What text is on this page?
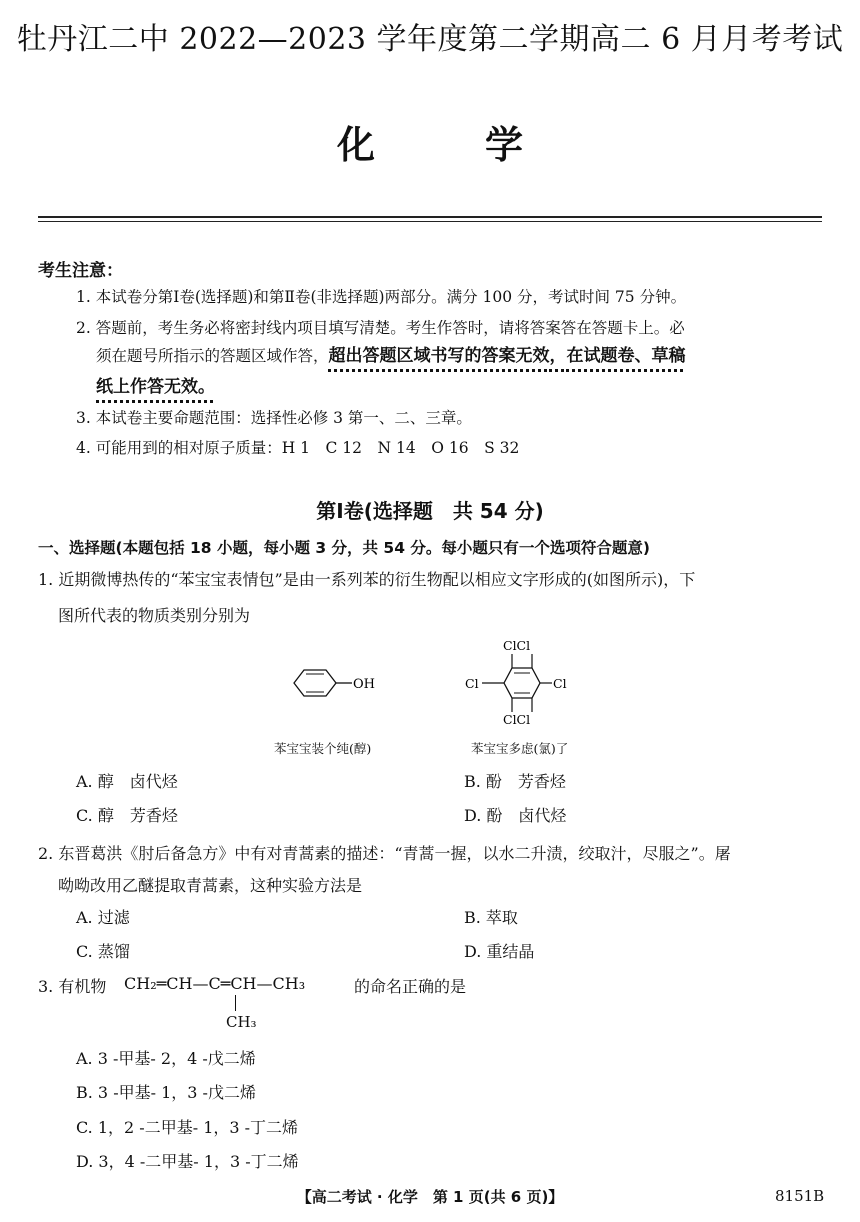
牡丹江二中 2022—2023 学年度第二学期高二 6 月月考考试
化学
考生注意：
1. 本试卷分第Ⅰ卷(选择题)和第Ⅱ卷(非选择题)两部分。满分 100 分，考试时间 75 分钟。
2. 答题前，考生务必将密封线内项目填写清楚。考生作答时，请将答案答在答题卡上。必
须在题号所指示的答题区域作答，超出答题区域书写的答案无效，在试题卷、草稿
纸上作答无效。
3. 本试卷主要命题范围：选择性必修 3 第一、二、三章。
4. 可能用到的相对原子质量：H 1　C 12　N 14　O 16　S 32
第Ⅰ卷(选择题　共 54 分)
一、选择题(本题包括 18 小题，每小题 3 分，共 54 分。每小题只有一个选项符合题意)
1. 近期微博热传的“苯宝宝表情包”是由一系列苯的衍生物配以相应文字形成的(如图所示)，下
图所代表的物质类别分别为
OH
ClCl
Cl	Cl
ClCl
苯宝宝装个纯(醇)	苯宝宝多虑(氯)了
A. 醇　卤代烃	B. 酚　芳香烃
C. 醇　芳香烃	D. 酚　卤代烃
2. 东晋葛洪《肘后备急方》中有对青蒿素的描述：“青蒿一握，以水二升渍，绞取汁，尽服之”。屠
呦呦改用乙醚提取青蒿素，这种实验方法是
A. 过滤	B. 萃取
C. 蒸馏	D. 重结晶
3. 有机物 CH₂═CH—C═CH—CH₃	的命名正确的是
CH₃
A. 3 -甲基- 2，4 -戊二烯
B. 3 -甲基- 1，3 -戊二烯
C. 1，2 -二甲基- 1，3 -丁二烯
D. 3，4 -二甲基- 1，3 -丁二烯
【高二考试 · 化学　第 1 页(共 6 页)】	8151B
